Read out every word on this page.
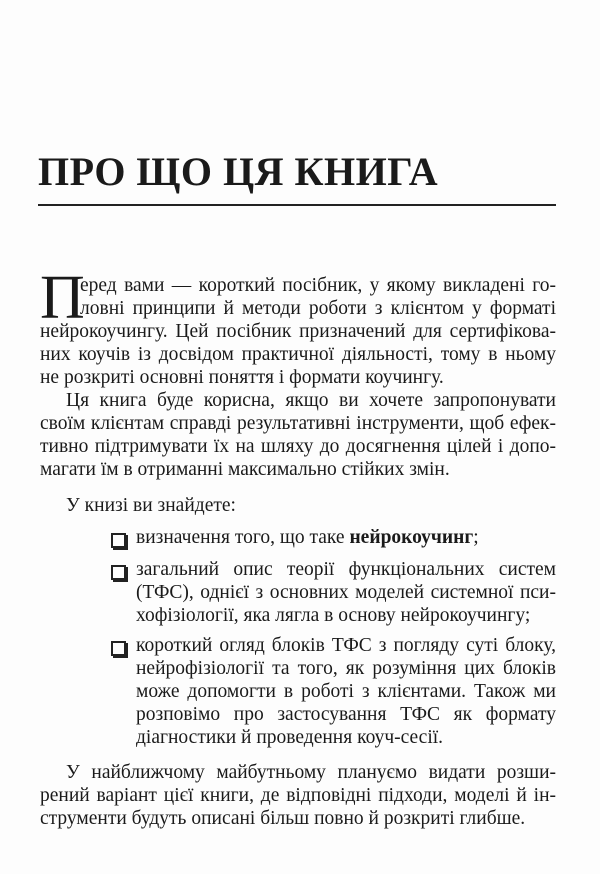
ПРО ЩО ЦЯ КНИГА
П
еред вами — короткий посібник, у якому викладені го-
ловні принципи й методи роботи з клієнтом у форматі
нейрокоучингу. Цей посібник призначений для сертифікова-
них коучів із досвідом практичної діяльності, тому в ньому
не розкриті основні поняття і формати коучингу.
Ця книга буде корисна, якщо ви хочете запропонувати
своїм клієнтам справді результативні інструменти, щоб ефек-
тивно підтримувати їх на шляху до досягнення цілей і допо-
магати їм в отриманні максимально стійких змін.
У книзі ви знайдете:
визначення того, що таке нейрокоучинг;
загальний опис теорії функціональних систем
(ТФС), однієї з основних моделей системної пси-
хофізіології, яка лягла в основу нейрокоучингу;
короткий огляд блоків ТФС з погляду суті блоку,
нейрофізіології та того, як розуміння цих блоків
може допомогти в роботі з клієнтами. Також ми
розповімо про застосування ТФС як формату
діагностики й проведення коуч-сесії.
У найближчому майбутньому плануємо видати розши-
рений варіант цієї книги, де відповідні підходи, моделі й ін-
струменти будуть описані більш повно й розкриті глибше.
